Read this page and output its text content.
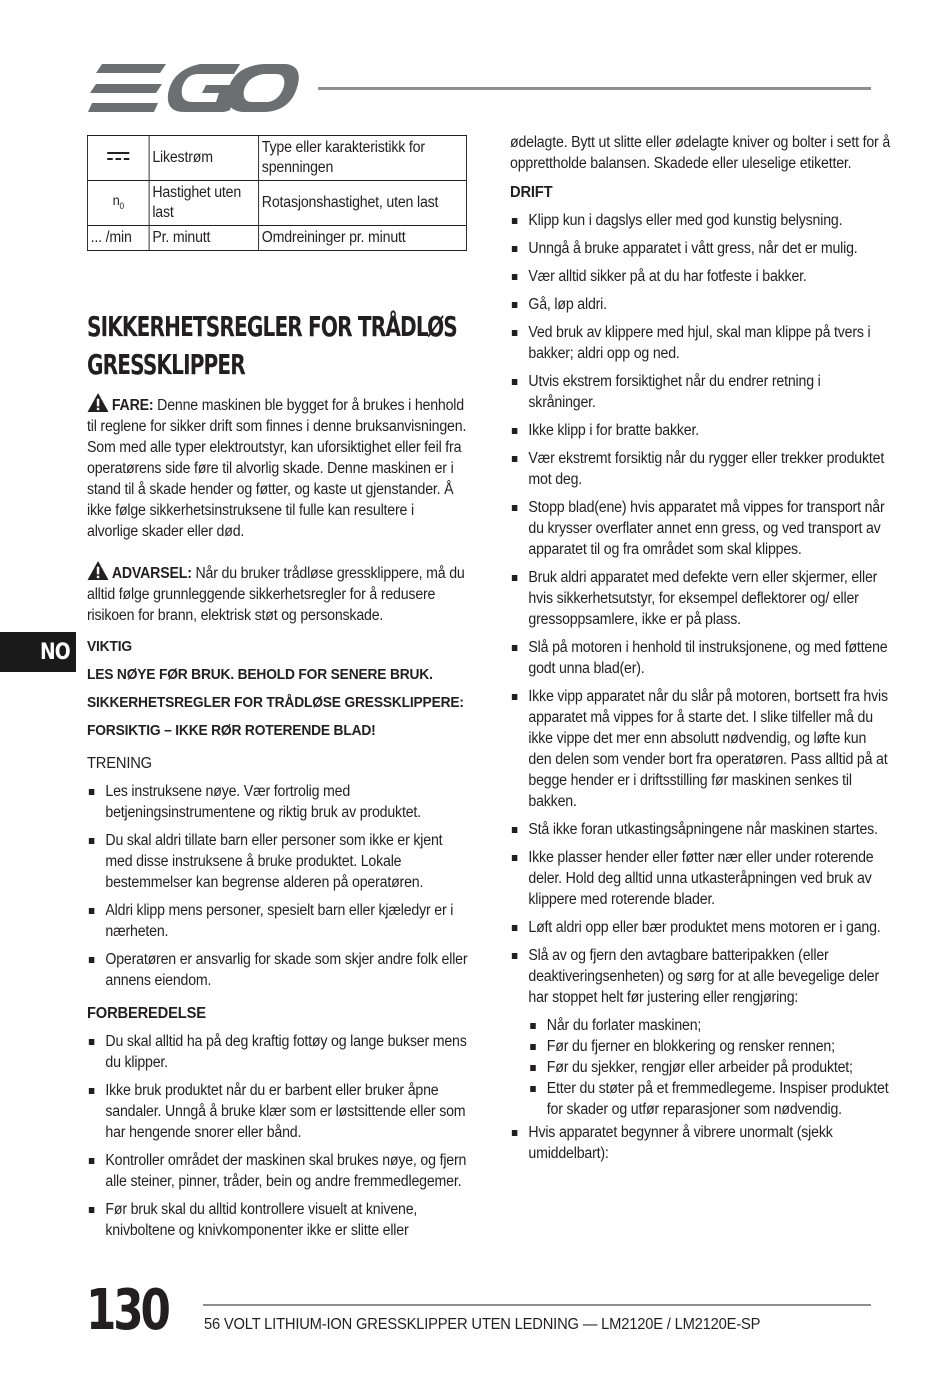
	Likestrøm	Type eller karakteristikk for spenningen
$n_0$	Hastighet uten last	Rotasjonshastighet, uten last
... /min	Pr. minutt	Omdreininger pr. minutt
SIKKERHETSREGLER FOR TRÅDLØS GRESSKLIPPER

FARE: Denne maskinen ble bygget for å brukes i henhold til reglene for sikker drift som finnes i denne bruksanvisningen. Som med alle typer elektroutstyr, kan uforsiktighet eller feil fra operatørens side føre til alvorlig skade. Denne maskinen er i stand til å skade hender og føtter, og kaste ut gjenstander. Å ikke følge sikkerhetsinstruksene til fulle kan resultere i alvorlige skader eller død.

ADVARSEL: Når du bruker trådløse gressklippere, må du alltid følge grunnleggende sikkerhetsregler for å redusere risikoen for brann, elektrisk støt og personskade.

VIKTIG
LES NØYE FØR BRUK. BEHOLD FOR SENERE BRUK.
SIKKERHETSREGLER FOR TRÅDLØSE GRESSKLIPPERE:
FORSIKTIG – IKKE RØR ROTERENDE BLAD!
TRENING
Les instruksene nøye. Vær fortrolig med betjeningsinstrumentene og riktig bruk av produktet.
Du skal aldri tillate barn eller personer som ikke er kjent med disse instruksene å bruke produktet. Lokale bestemmelser kan begrense alderen på operatøren.
Aldri klipp mens personer, spesielt barn eller kjæledyr er i nærheten.
Operatøren er ansvarlig for skade som skjer andre folk eller annens eiendom.
FORBEREDELSE
Du skal alltid ha på deg kraftig fottøy og lange bukser mens du klipper.
Ikke bruk produktet når du er barbent eller bruker åpne sandaler. Unngå å bruke klær som er løstsittende eller som har hengende snorer eller bånd.
Kontroller området der maskinen skal brukes nøye, og fjern alle steiner, pinner, tråder, bein og andre fremmedlegemer.
Før bruk skal du alltid kontrollere visuelt at knivene, knivboltene og knivkomponenter ikke er slitte eller

ødelagte. Bytt ut slitte eller ødelagte kniver og bolter i sett for å opprettholde balansen. Skadede eller uleselige etiketter.

DRIFT
Klipp kun i dagslys eller med god kunstig belysning.
Unngå å bruke apparatet i vått gress, når det er mulig.
Vær alltid sikker på at du har fotfeste i bakker.
Gå, løp aldri.
Ved bruk av klippere med hjul, skal man klippe på tvers i bakker; aldri opp og ned.
Utvis ekstrem forsiktighet når du endrer retning i skråninger.
Ikke klipp i for bratte bakker.
Vær ekstremt forsiktig når du rygger eller trekker produktet mot deg.
Stopp blad(ene) hvis apparatet må vippes for transport når du krysser overflater annet enn gress, og ved transport av apparatet til og fra området som skal klippes.
Bruk aldri apparatet med defekte vern eller skjermer, eller hvis sikkerhetsutstyr, for eksempel deflektorer og/ eller gressoppsamlere, ikke er på plass.
Slå på motoren i henhold til instruksjonene, og med føttene godt unna blad(er).
Ikke vipp apparatet når du slår på motoren, bortsett fra hvis apparatet må vippes for å starte det. I slike tilfeller må du ikke vippe det mer enn absolutt nødvendig, og løfte kun den delen som vender bort fra operatøren. Pass alltid på at begge hender er i driftsstilling før maskinen senkes til bakken.
Stå ikke foran utkastingsåpningene når maskinen startes.
Ikke plasser hender eller føtter nær eller under roterende deler. Hold deg alltid unna utkasteråpningen ved bruk av klippere med roterende blader.
Løft aldri opp eller bær produktet mens motoren er i gang.
Slå av og fjern den avtagbare batteripakken (eller deaktiveringsenheten) og sørg for at alle bevegelige deler har stoppet helt før justering eller rengjøring:
Når du forlater maskinen;
Før du fjerner en blokkering og rensker rennen;
Før du sjekker, rengjør eller arbeider på produktet;
Etter du støter på et fremmedlegeme. Inspiser produktet for skader og utfør reparasjoner som nødvendig.
Hvis apparatet begynner å vibrere unormalt (sjekk umiddelbart):
NO
130 56 VOLT LITHIUM-ION GRESSKLIPPER UTEN LEDNING — LM2120E / LM2120E-SP
